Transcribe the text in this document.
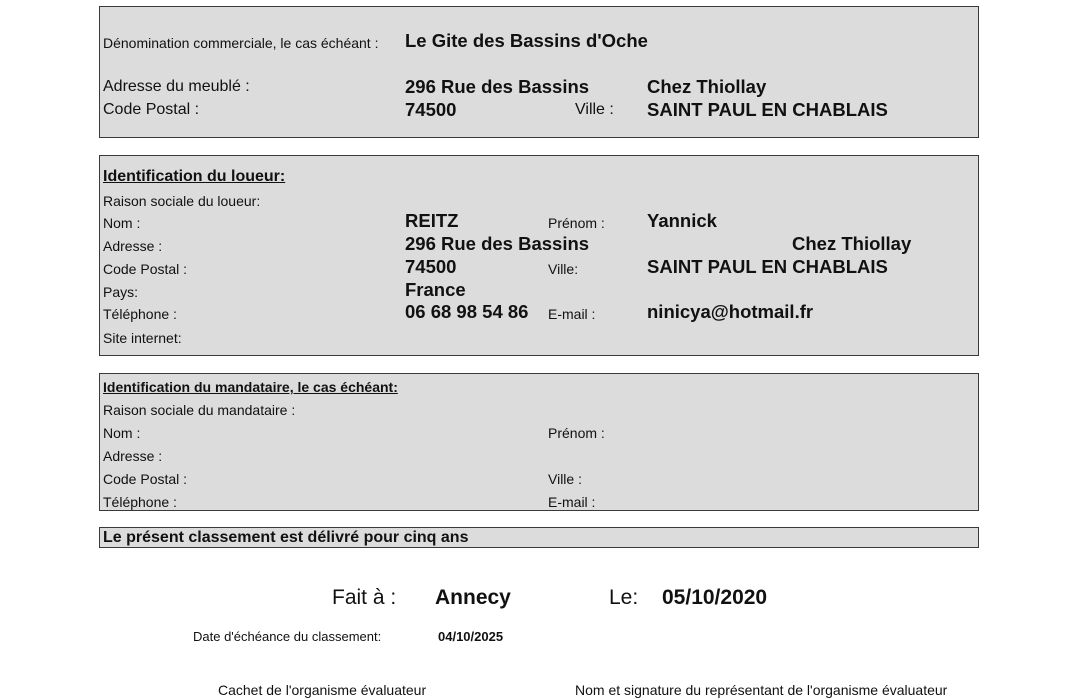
Dénomination commerciale, le cas échéant : Le Gite des Bassins d'Oche
Adresse du meublé :	296 Rue des Bassins	Chez Thiollay
Code Postal :	74500	Ville : SAINT PAUL EN CHABLAIS
Identification du loueur:
Raison sociale du loueur:
Nom :	REITZ	Prénom : Yannick
Adresse :	296 Rue des Bassins	Chez Thiollay
Code Postal :	74500	Ville:	SAINT PAUL EN CHABLAIS
Pays:	France
Téléphone :	06 68 98 54 86 E-mail :	ninicya@hotmail.fr
Site internet:
Identification du mandataire, le cas échéant:
Raison sociale du mandataire :
Nom :	Prénom :
Adresse :
Code Postal :	Ville :
Téléphone :	E-mail :
Le présent classement est délivré pour cinq ans
Fait à : Annecy	Le: 05/10/2020
Date d'échéance du classement:	04/10/2025
Cachet de l'organisme évaluateur	Nom et signature du représentant de l'organisme évaluateur
